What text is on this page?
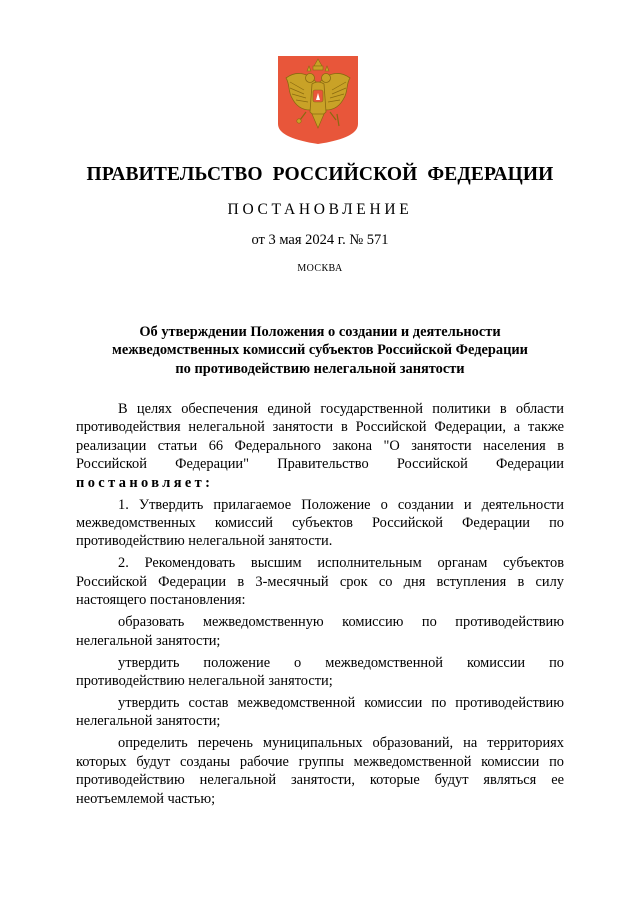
ПРАВИТЕЛЬСТВО РОССИЙСКОЙ ФЕДЕРАЦИИ
ПОСТАНОВЛЕНИЕ
от 3 мая 2024 г. № 571
МОСКВА
Об утверждении Положения о создании и деятельности
межведомственных комиссий субъектов Российской Федерации
по противодействию нелегальной занятости

В целях обеспечения единой государственной политики в области противодействия нелегальной занятости в Российской Федерации, а также реализации статьи 66 Федерального закона "О занятости населения в Российской Федерации" Правительство Российской Федерации постановляет:

1. Утвердить прилагаемое Положение о создании и деятельности межведомственных комиссий субъектов Российской Федерации по противодействию нелегальной занятости.

2. Рекомендовать высшим исполнительным органам субъектов Российской Федерации в 3-месячный срок со дня вступления в силу настоящего постановления:

образовать межведомственную комиссию по противодействию нелегальной занятости;

утвердить положение о межведомственной комиссии по противодействию нелегальной занятости;

утвердить состав межведомственной комиссии по противодействию нелегальной занятости;

определить перечень муниципальных образований, на территориях которых будут созданы рабочие группы межведомственной комиссии по противодействию нелегальной занятости, которые будут являться ее неотъемлемой частью;
